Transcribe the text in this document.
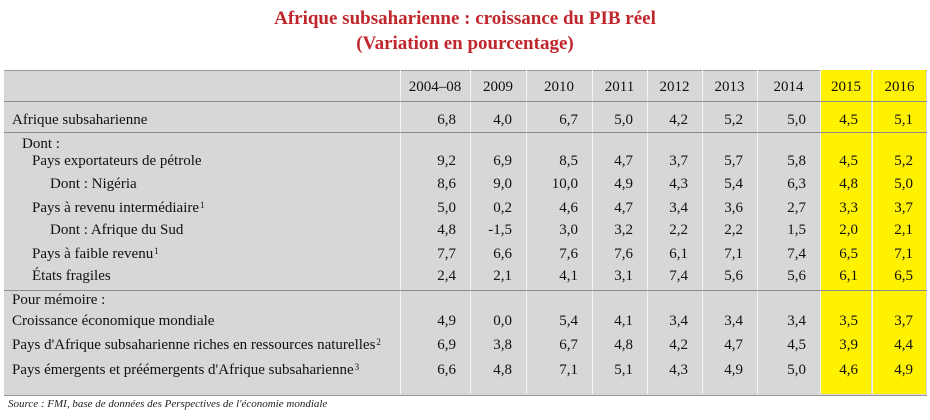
Afrique subsaharienne : croissance du PIB réel
(Variation en pourcentage)
2004–08	2009	2010	2011	2012	2013	2014	2015	2016
Afrique subsaharienne	6,8	4,0	6,7	5,0	4,2	5,2	5,0	4,5	5,1
Dont :
Pays exportateurs de pétrole	9,2	6,9	8,5	4,7	3,7	5,7	5,8	4,5	5,2
Dont : Nigéria	8,6	9,0	10,0	4,9	4,3	5,4	6,3	4,8	5,0
Pays à revenu intermédiaire$^1$	5,0	0,2	4,6	4,7	3,4	3,6	2,7	3,3	3,7
Dont : Afrique du Sud	4,8	-1,5	3,0	3,2	2,2	2,2	1,5	2,0	2,1
Pays à faible revenu$^1$	7,7	6,6	7,6	7,6	6,1	7,1	7,4	6,5	7,1
États fragiles	2,4	2,1	4,1	3,1	7,4	5,6	5,6	6,1	6,5
Pour mémoire :
Croissance économique mondiale	4,9	0,0	5,4	4,1	3,4	3,4	3,4	3,5	3,7
Pays d'Afrique subsaharienne riches en ressources naturelles$^2$	6,9	3,8	6,7	4,8	4,2	4,7	4,5	3,9	4,4
Pays émergents et préémergents d'Afrique subsaharienne$^3$	6,6	4,8	7,1	5,1	4,3	4,9	5,0	4,6	4,9
Source : FMI, base de données des Perspectives de l'économie mondiale
